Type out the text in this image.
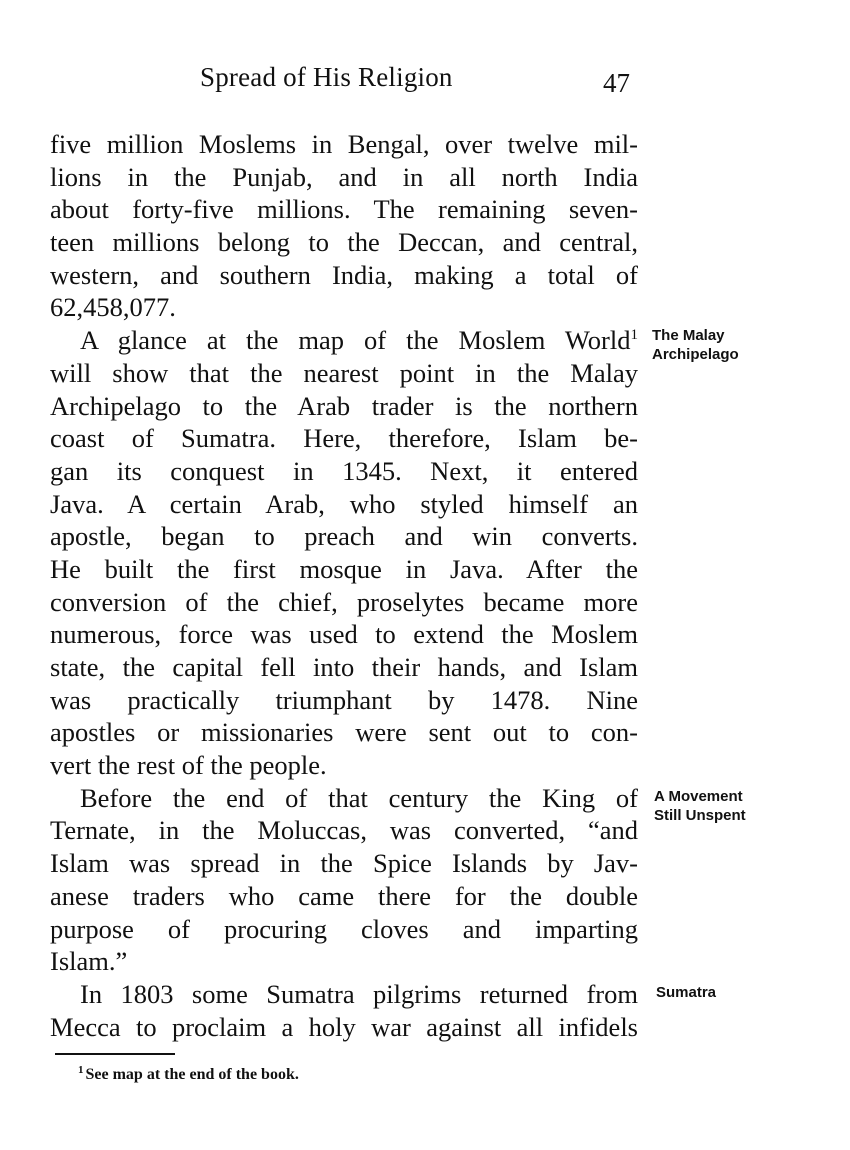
Spread of His Religion	47
five million Moslems in Bengal, over twelve mil-
lions in the Punjab, and in all north India
about forty-five millions. The remaining seven-
teen millions belong to the Deccan, and central,
western, and southern India, making a total of
62,458,077.
A glance at the map of the Moslem World$^1$
will show that the nearest point in the Malay
Archipelago to the Arab trader is the northern
coast of Sumatra. Here, therefore, Islam be-
gan its conquest in 1345. Next, it entered
Java. A certain Arab, who styled himself an
apostle, began to preach and win converts.
He built the first mosque in Java. After the
conversion of the chief, proselytes became more
numerous, force was used to extend the Moslem
state, the capital fell into their hands, and Islam
was practically triumphant by 1478. Nine
apostles or missionaries were sent out to con-
vert the rest of the people.
Before the end of that century the King of
Ternate, in the Moluccas, was converted, “and
Islam was spread in the Spice Islands by Jav-
anese traders who came there for the double
purpose of procuring cloves and imparting
Islam.”
In 1803 some Sumatra pilgrims returned from
Mecca to proclaim a holy war against all infidels
The Malay
Archipelago
A Movement
Still Unspent
Sumatra
$^1$ See map at the end of the book.
